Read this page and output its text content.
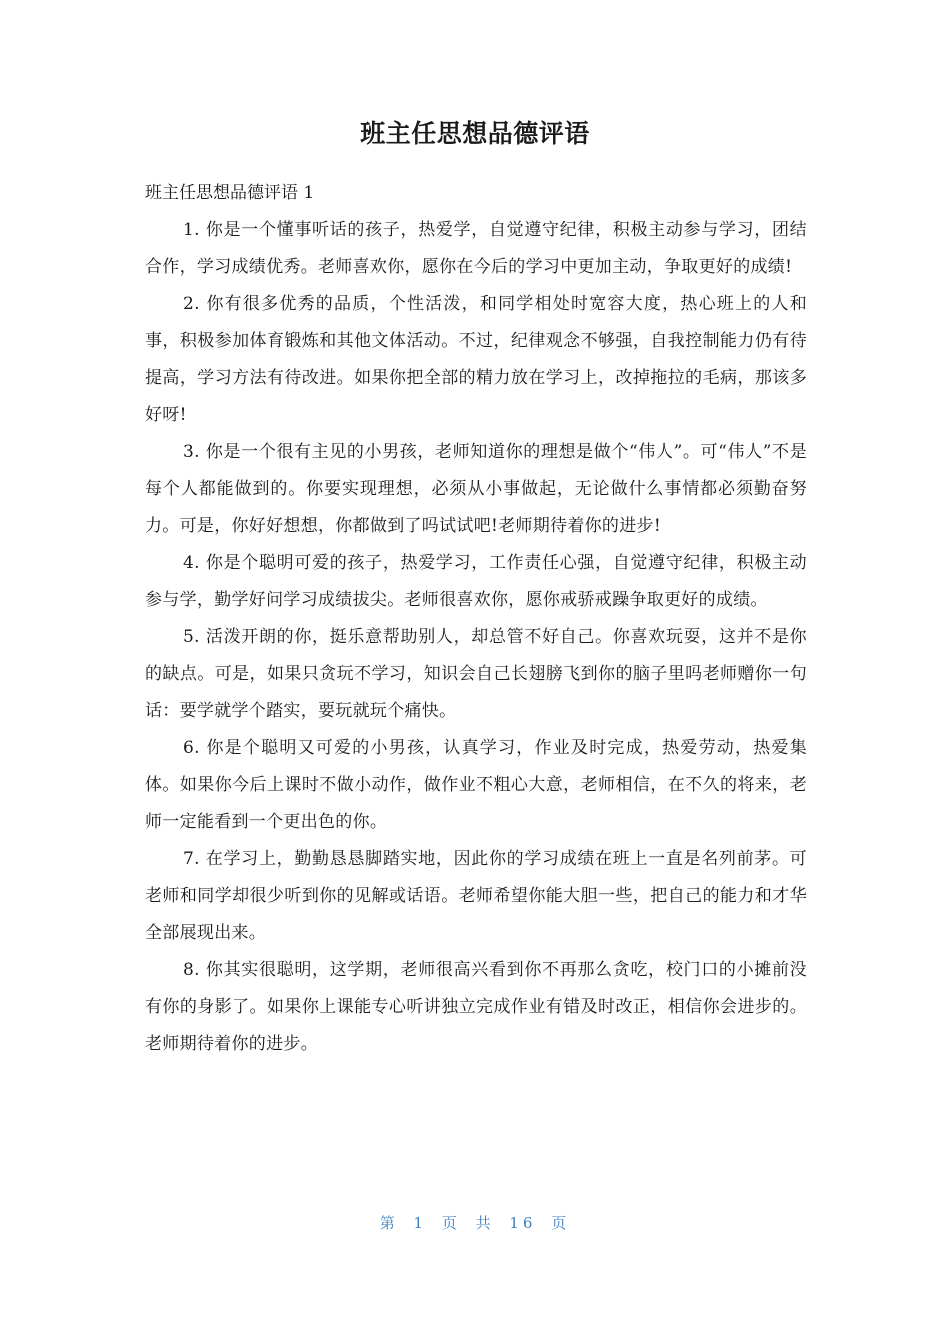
班主任思想品德评语

班主任思想品德评语 1

1. 你是一个懂事听话的孩子，热爱学，自觉遵守纪律，积极主动参与学习，团结合作，学习成绩优秀。老师喜欢你，愿你在今后的学习中更加主动，争取更好的成绩!

2. 你有很多优秀的品质，个性活泼，和同学相处时宽容大度，热心班上的人和事，积极参加体育锻炼和其他文体活动。不过，纪律观念不够强，自我控制能力仍有待提高，学习方法有待改进。如果你把全部的精力放在学习上，改掉拖拉的毛病，那该多好呀!

3. 你是一个很有主见的小男孩，老师知道你的理想是做个“伟人”。可“伟人”不是每个人都能做到的。你要实现理想，必须从小事做起，无论做什么事情都必须勤奋努力。可是，你好好想想，你都做到了吗试试吧!老师期待着你的进步!

4. 你是个聪明可爱的孩子，热爱学习，工作责任心强，自觉遵守纪律，积极主动参与学，勤学好问学习成绩拔尖。老师很喜欢你，愿你戒骄戒躁争取更好的成绩。

5. 活泼开朗的你，挺乐意帮助别人，却总管不好自己。你喜欢玩耍，这并不是你的缺点。可是，如果只贪玩不学习，知识会自己长翅膀飞到你的脑子里吗老师赠你一句话：要学就学个踏实，要玩就玩个痛快。

6. 你是个聪明又可爱的小男孩，认真学习，作业及时完成，热爱劳动，热爱集体。如果你今后上课时不做小动作，做作业不粗心大意，老师相信，在不久的将来，老师一定能看到一个更出色的你。

7. 在学习上，勤勤恳恳脚踏实地，因此你的学习成绩在班上一直是名列前茅。可老师和同学却很少听到你的见解或话语。老师希望你能大胆一些，把自己的能力和才华全部展现出来。

8. 你其实很聪明，这学期，老师很高兴看到你不再那么贪吃，校门口的小摊前没有你的身影了。如果你上课能专心听讲独立完成作业有错及时改正，相信你会进步的。老师期待着你的进步。

第 1 页 共 16 页
